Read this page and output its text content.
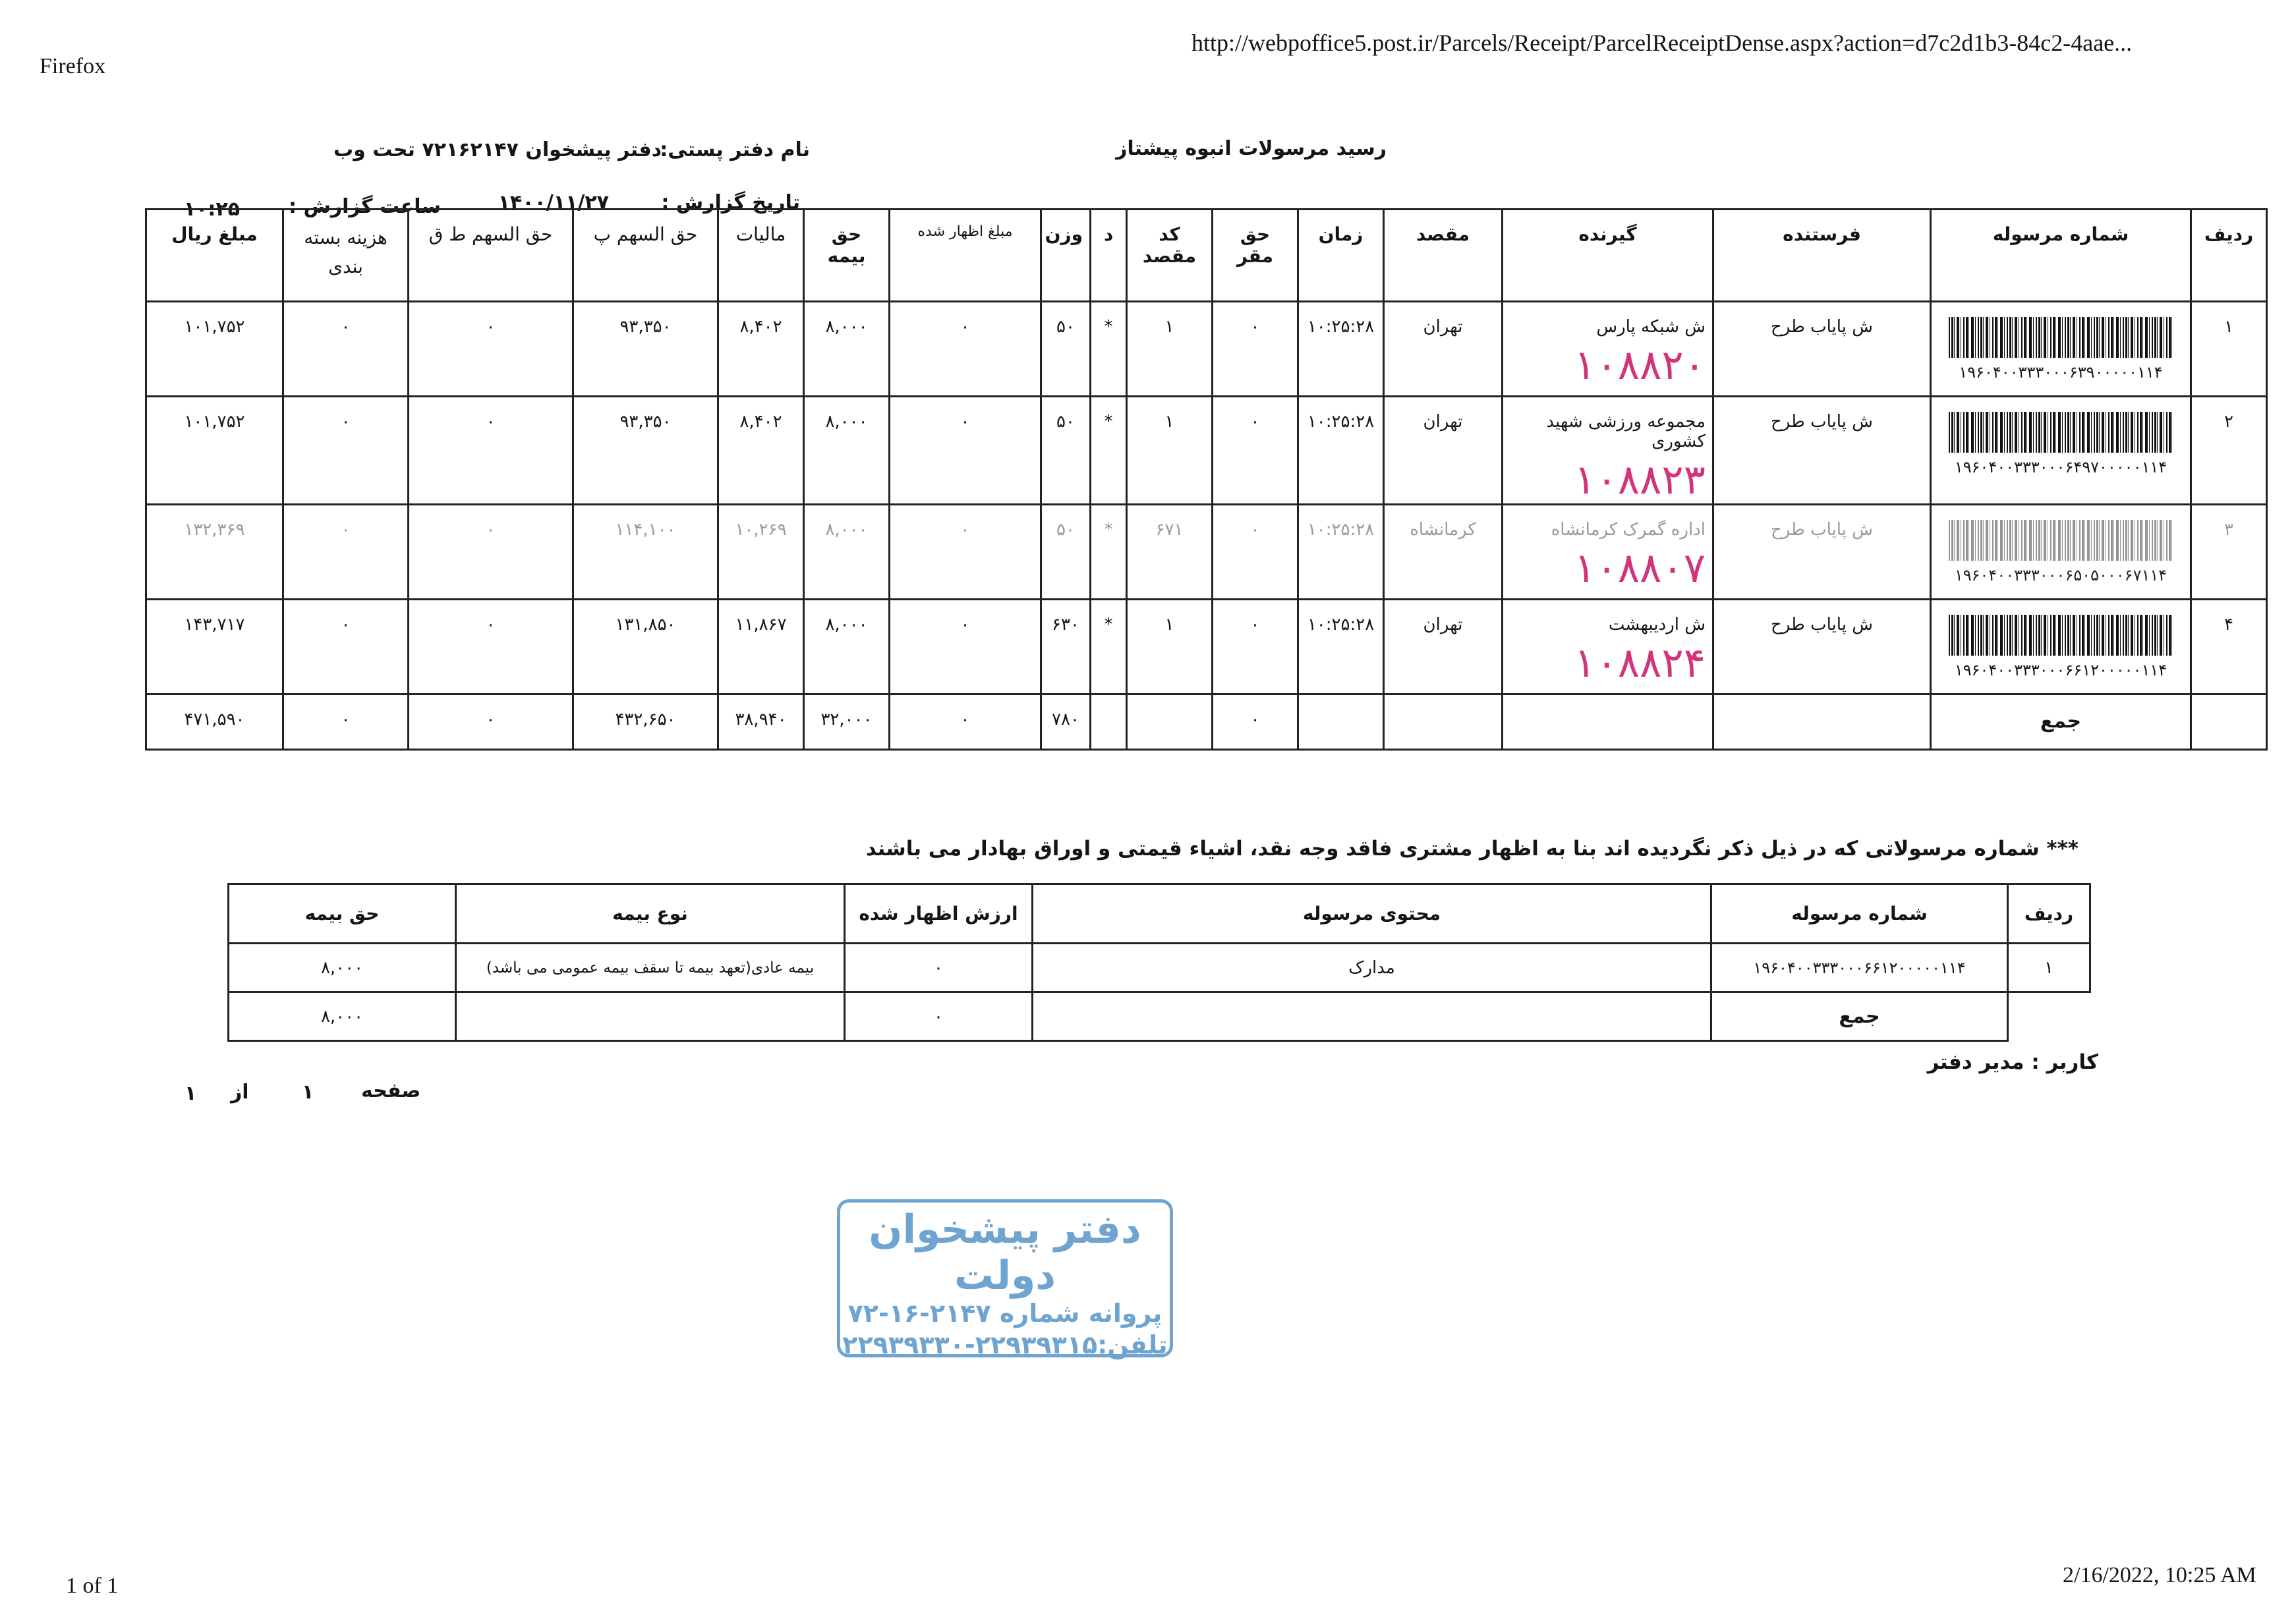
Firefox
http://webpoffice5.post.ir/Parcels/Receipt/ParcelReceiptDense.aspx?action=d7c2d1b3-84c2-4aae...
1 of 1	2/16/2022, 10:25 AM
رسید مرسولات انبوه پیشتاز
نام دفتر پستی:
دفتر پیشخوان ۷۲۱۶۲۱۴۷ تحت وب
تاریخ گزارش :
۱۴۰۰/۱۱/۲۷
ساعت گزارش :
۱۰:۲۵
ردیف	شماره مرسوله	فرستنده	گیرنده	مقصد	زمان	حق مقر	کد مقصد	د	وزن	مبلغ اظهار شده	حق بیمه	مالیات	حق السهم پ	حق السهم ط ق	هزینه بسته بندی	مبلغ ریال
۱	۱۹۶۰۴۰۰۳۳۳۰۰۰۶۳۹۰۰۰۰۰۱۱۴	ش پایاب طرح	ش شبکه پارس
۱۰۸۸۲۰	تهران	۱۰:۲۵:۲۸	۰	۱	*	۵۰	۰	۸,۰۰۰	۸,۴۰۲	۹۳,۳۵۰	۰	۰	۱۰۱,۷۵۲
۲	۱۹۶۰۴۰۰۳۳۳۰۰۰۶۴۹۷۰۰۰۰۰۱۱۴	ش پایاب طرح	مجموعه ورزشی شهید کشوری
۱۰۸۸۲۳	تهران	۱۰:۲۵:۲۸	۰	۱	*	۵۰	۰	۸,۰۰۰	۸,۴۰۲	۹۳,۳۵۰	۰	۰	۱۰۱,۷۵۲
۳	۱۹۶۰۴۰۰۳۳۳۰۰۰۶۵۰۵۰۰۰۶۷۱۱۴	ش پایاب طرح	اداره گمرک کرمانشاه
۱۰۸۸۰۷	کرمانشاه	۱۰:۲۵:۲۸	۰	۶۷۱	*	۵۰	۰	۸,۰۰۰	۱۰,۲۶۹	۱۱۴,۱۰۰	۰	۰	۱۳۲,۳۶۹
۴	۱۹۶۰۴۰۰۳۳۳۰۰۰۶۶۱۲۰۰۰۰۰۱۱۴	ش پایاب طرح	ش اردیبهشت
۱۰۸۸۲۴	تهران	۱۰:۲۵:۲۸	۰	۱	*	۶۳۰	۰	۸,۰۰۰	۱۱,۸۶۷	۱۳۱,۸۵۰	۰	۰	۱۴۳,۷۱۷
	جمع					۰			۷۸۰	۰	۳۲,۰۰۰	۳۸,۹۴۰	۴۳۲,۶۵۰	۰	۰	۴۷۱,۵۹۰
*** شماره مرسولاتی که در ذیل ذکر نگردیده اند بنا به اظهار مشتری فاقد وجه نقد، اشیاء قیمتی و اوراق بهادار می باشند
ردیف	شماره مرسوله	محتوی مرسوله	ارزش اظهار شده	نوع بیمه	حق بیمه
۱	۱۹۶۰۴۰۰۳۳۳۰۰۰۶۶۱۲۰۰۰۰۰۱۱۴	مدارک	۰	بیمه عادی(تعهد بیمه تا سقف بیمه عمومی می باشد)	۸,۰۰۰
	جمع		۰		۸,۰۰۰
کاربر : مدیر دفتر
صفحه
۱
از
۱
دفتر پیشخوان دولت
پروانه شماره ۲۱۴۷-۱۶-۷۲
تلفن:۲۲۹۳۹۳۱۵-۲۲۹۳۹۳۳۰
